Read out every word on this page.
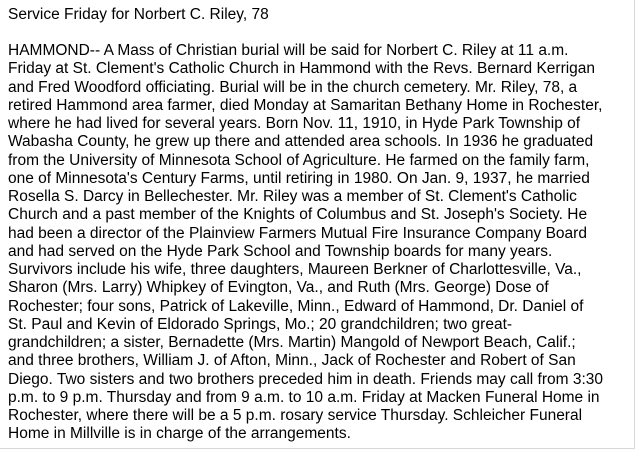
Service Friday for Norbert C. Riley, 78

HAMMOND-- A Mass of Christian burial will be said for Norbert C. Riley at 11 a.m.
Friday at St. Clement's Catholic Church in Hammond with the Revs. Bernard Kerrigan
and Fred Woodford officiating. Burial will be in the church cemetery. Mr. Riley, 78, a
retired Hammond area farmer, died Monday at Samaritan Bethany Home in Rochester,
where he had lived for several years. Born Nov. 11, 1910, in Hyde Park Township of
Wabasha County, he grew up there and attended area schools. In 1936 he graduated
from the University of Minnesota School of Agriculture. He farmed on the family farm,
one of Minnesota's Century Farms, until retiring in 1980. On Jan. 9, 1937, he married
Rosella S. Darcy in Bellechester. Mr. Riley was a member of St. Clement's Catholic
Church and a past member of the Knights of Columbus and St. Joseph's Society. He
had been a director of the Plainview Farmers Mutual Fire Insurance Company Board
and had served on the Hyde Park School and Township boards for many years.
Survivors include his wife, three daughters, Maureen Berkner of Charlottesville, Va.,
Sharon (Mrs. Larry) Whipkey of Evington, Va., and Ruth (Mrs. George) Dose of
Rochester; four sons, Patrick of Lakeville, Minn., Edward of Hammond, Dr. Daniel of
St. Paul and Kevin of Eldorado Springs, Mo.; 20 grandchildren; two great-
grandchildren; a sister, Bernadette (Mrs. Martin) Mangold of Newport Beach, Calif.;
and three brothers, William J. of Afton, Minn., Jack of Rochester and Robert of San
Diego. Two sisters and two brothers preceded him in death. Friends may call from 3:30
p.m. to 9 p.m. Thursday and from 9 a.m. to 10 a.m. Friday at Macken Funeral Home in
Rochester, where there will be a 5 p.m. rosary service Thursday. Schleicher Funeral
Home in Millville is in charge of the arrangements.
